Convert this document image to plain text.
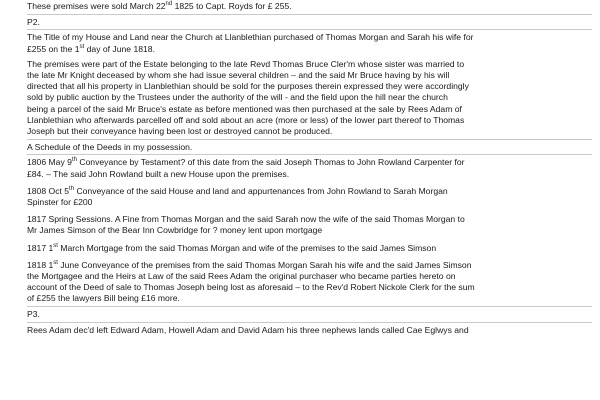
These premises were sold March 22nd 1825 to Capt. Royds for £ 255.
P2.
The Title of my House and Land near the Church at Llanblethian purchased of Thomas Morgan and Sarah his wife for
£255 on the 1st day of June 1818.
The premises were part of the Estate belonging to the late Revd Thomas Bruce Cler'm whose sister was married to
the late Mr Knight deceased by whom she had issue several children – and the said Mr Bruce having by his will
directed that all his property in Llanblethian should be sold for the purposes therein expressed they were accordingly
sold by public auction by the Trustees under the authority of the will - and the field upon the hill near the church
being a parcel of the said Mr Bruce's estate as before mentioned was then purchased at the sale by Rees Adam of
Llanblethian who afterwards parcelled off and sold about an acre (more or less) of the lower part thereof to Thomas
Joseph but their conveyance having been lost or destroyed cannot be produced.
A Schedule of the Deeds in my possession.
1806 May 9th Conveyance by Testament? of this date from the said Joseph Thomas to John Rowland Carpenter for
£84. – The said John Rowland built a new House upon the premises.
1808 Oct 5th Conveyance of the said House and land and appurtenances from John Rowland to Sarah Morgan
Spinster for £200
1817 Spring Sessions. A Fine from Thomas Morgan and the said Sarah now the wife of the said Thomas Morgan to
Mr James Simson of the Bear Inn Cowbridge for ? money lent upon mortgage
1817 1st March Mortgage from the said Thomas Morgan and wife of the premises to the said James Simson
1818 1st June Conveyance of the premises from the said Thomas Morgan Sarah his wife and the said James Simson
the Mortgagee and the Heirs at Law of the said Rees Adam the original purchaser who became parties hereto on
account of the Deed of sale to Thomas Joseph being lost as aforesaid – to the Rev'd Robert Nickole Clerk for the sum
of £255 the lawyers Bill being £16 more.
P3.
Rees Adam dec'd left Edward Adam, Howell Adam and David Adam his three nephews lands called Cae Eglwys and
